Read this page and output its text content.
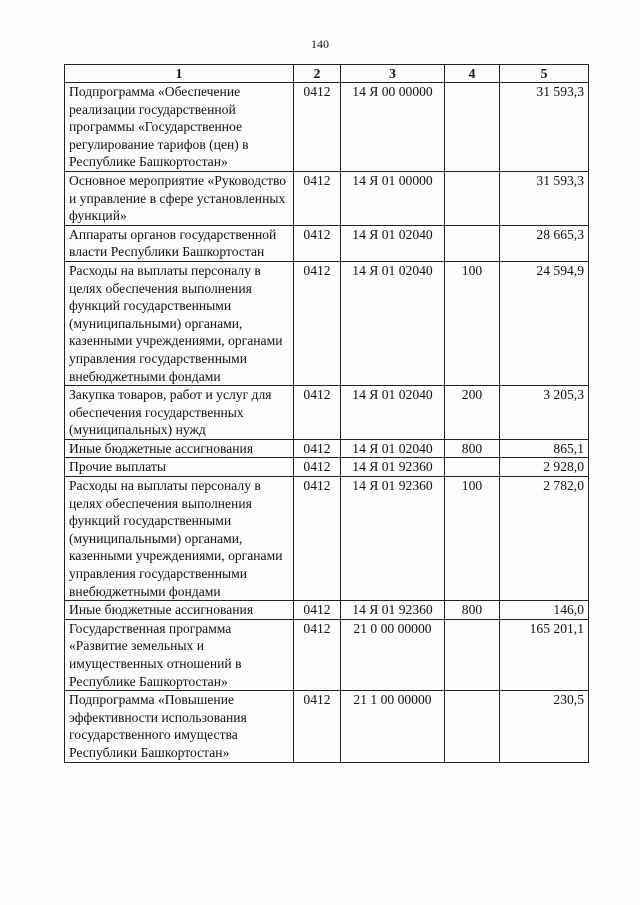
140
1	2	3	4	5
Подпрограмма «Обеспечение реализации государственной программы «Государственное регулирование тарифов (цен) в Республике Башкортостан»	0412	14 Я 00 00000		31 593,3
Основное мероприятие «Руководство и управление в сфере установленных функций»	0412	14 Я 01 00000		31 593,3
Аппараты органов государственной власти Республики Башкортостан	0412	14 Я 01 02040		28 665,3
Расходы на выплаты персоналу в целях обеспечения выполнения функций государственными (муниципальными) органами, казенными учреждениями, органами управления государственными внебюджетными фондами	0412	14 Я 01 02040	100	24 594,9
Закупка товаров, работ и услуг для обеспечения государственных (муниципальных) нужд	0412	14 Я 01 02040	200	3 205,3
Иные бюджетные ассигнования	0412	14 Я 01 02040	800	865,1
Прочие выплаты	0412	14 Я 01 92360		2 928,0
Расходы на выплаты персоналу в целях обеспечения выполнения функций государственными (муниципальными) органами, казенными учреждениями, органами управления государственными внебюджетными фондами	0412	14 Я 01 92360	100	2 782,0
Иные бюджетные ассигнования	0412	14 Я 01 92360	800	146,0
Государственная программа «Развитие земельных и имущественных отношений в Республике Башкортостан»	0412	21 0 00 00000		165 201,1
Подпрограмма «Повышение эффективности использования государственного имущества Республики Башкортостан»	0412	21 1 00 00000		230,5
